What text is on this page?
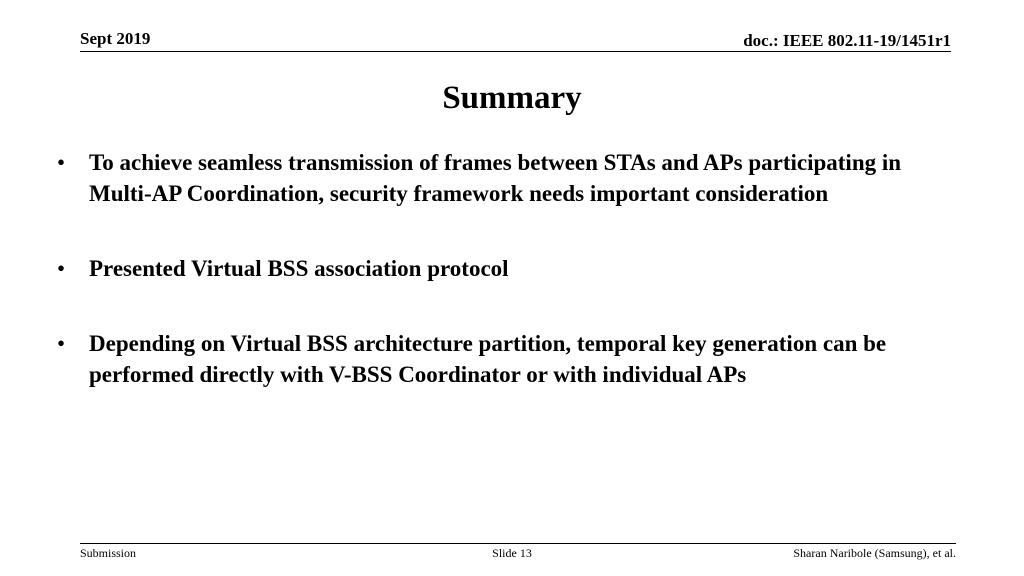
Sept 2019	doc.: IEEE 802.11-19/1451r1
Summary
• To achieve seamless transmission of frames between STAs and APs participating in Multi-AP Coordination, security framework needs important consideration
• Presented Virtual BSS association protocol
• Depending on Virtual BSS architecture partition, temporal key generation can be performed directly with V-BSS Coordinator or with individual APs
Submission	Slide 13	Sharan Naribole (Samsung), et al.
